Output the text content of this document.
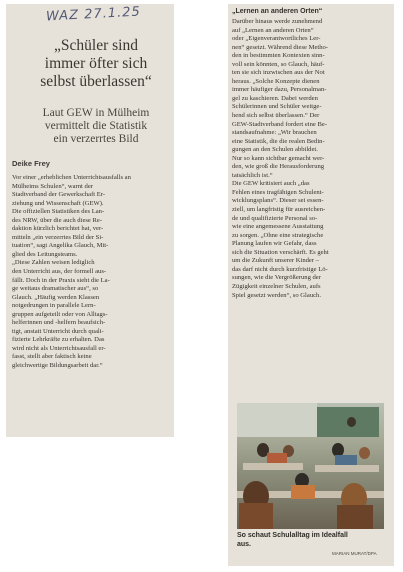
WAZ 27.1.25
„Schüler sind
immer öfter sich
selbst überlassen“
Laut GEW in Mülheim
vermittelt die Statistik
ein verzerrtes Bild
Deike Frey
Vor einer „erheblichen Unterrichtsausfalls an
Mülheims Schulen“, warnt der
Stadtverband der Gewerkschaft Er-
ziehung und Wissenschaft (GEW).
Die offiziellen Statistiken des Lan-
des NRW, über die auch diese Re-
daktion kürzlich berichtet hat, ver-
mitteln „ein verzerrtes Bild der Si-
tuation“, sagt Angelika Glauch, Mit-
glied des Leitungsteams.
„Diese Zahlen weisen lediglich
den Unterricht aus, der formell aus-
fällt. Doch in der Praxis sieht die La-
ge weitaus dramatischer aus“, so
Glauch. „Häufig werden Klassen
notgedrungen in parallele Lern-
gruppen aufgeteilt oder von Alltags-
helferinnen und -helfern beaufsich-
tigt, anstatt Unterricht durch quali-
fizierte Lehrkräfte zu erhalten. Das
wird nicht als Unterrichtsausfall er-
fasst, stellt aber faktisch keine
gleichwertige Bildungsarbeit dar.“
„Lernen an anderen Orten“
Darüber hinaus werde zunehmend
auf „Lernen an anderen Orten“
oder „Eigenverantwortliches Ler-
nen“ gesetzt. Während diese Metho-
den in bestimmten Kontexten sinn-
voll sein könnten, so Glauch, häuf-
ten sie sich inzwischen aus der Not
heraus. „Solche Konzepte dienen
immer häufiger dazu, Personalman-
gel zu kaschieren. Dabei werden
Schülerinnen und Schüler weitge-
hend sich selbst überlassen.“ Der
GEW-Stadtverband fordert eine Be-
standsaufnahme: „Wir brauchen
eine Statistik, die die realen Bedin-
gungen an den Schulen abbildet.
Nur so kann sichtbar gemacht wer-
den, wie groß die Herausforderung
tatsächlich ist.“
Die GEW kritisiert auch „das
Fehlen eines tragfähigen Schulent-
wicklungsplans“. Dieser sei essen-
ziell, um langfristig für ausreichen-
de und qualifizierte Personal so-
wie eine angemessene Ausstattung
zu sorgen. „Ohne eine strategische
Planung laufen wir Gefahr, dass
sich die Situation verschärft. Es geht
um die Zukunft unserer Kinder –
das darf nicht durch kurzfristige Lö-
sungen, wie die Vergrößerung der
Zügigkeit einzelner Schulen, aufs
Spiel gesetzt werden“, so Glauch.
So schaut Schulalltag im Idealfall
aus.
MARIAN MURAT/DPA
